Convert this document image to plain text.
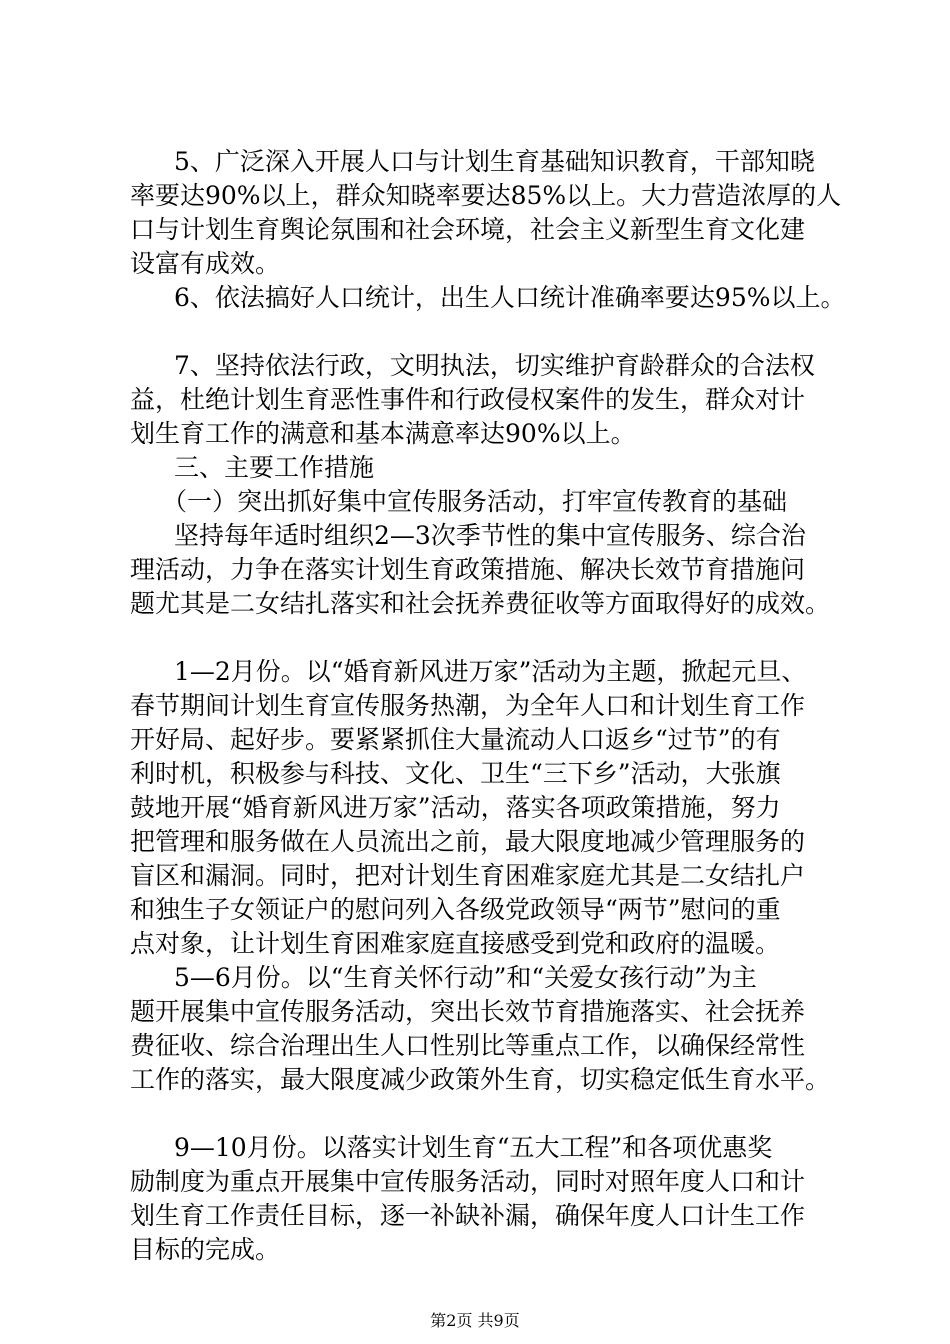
5、广泛深入开展人口与计划生育基础知识教育，干部知晓
率要达90%以上，群众知晓率要达85%以上。大力营造浓厚的人
口与计划生育舆论氛围和社会环境，社会主义新型生育文化建
设富有成效。
6、依法搞好人口统计，出生人口统计准确率要达95%以上。
7、坚持依法行政，文明执法，切实维护育龄群众的合法权
益，杜绝计划生育恶性事件和行政侵权案件的发生，群众对计
划生育工作的满意和基本满意率达90%以上。
三、主要工作措施
（一）突出抓好集中宣传服务活动，打牢宣传教育的基础
坚持每年适时组织2—3次季节性的集中宣传服务、综合治
理活动，力争在落实计划生育政策措施、解决长效节育措施问
题尤其是二女结扎落实和社会抚养费征收等方面取得好的成效。
1—2月份。以“婚育新风进万家”活动为主题，掀起元旦、
春节期间计划生育宣传服务热潮，为全年人口和计划生育工作
开好局、起好步。要紧紧抓住大量流动人口返乡“过节”的有
利时机，积极参与科技、文化、卫生“三下乡”活动，大张旗
鼓地开展“婚育新风进万家”活动，落实各项政策措施，努力
把管理和服务做在人员流出之前，最大限度地减少管理服务的
盲区和漏洞。同时，把对计划生育困难家庭尤其是二女结扎户
和独生子女领证户的慰问列入各级党政领导“两节”慰问的重
点对象，让计划生育困难家庭直接感受到党和政府的温暖。
5—6月份。以“生育关怀行动”和“关爱女孩行动”为主
题开展集中宣传服务活动，突出长效节育措施落实、社会抚养
费征收、综合治理出生人口性别比等重点工作，以确保经常性
工作的落实，最大限度减少政策外生育，切实稳定低生育水平。
9—10月份。以落实计划生育“五大工程”和各项优惠奖
励制度为重点开展集中宣传服务活动，同时对照年度人口和计
划生育工作责任目标，逐一补缺补漏，确保年度人口计生工作
目标的完成。
第2页 共9页
